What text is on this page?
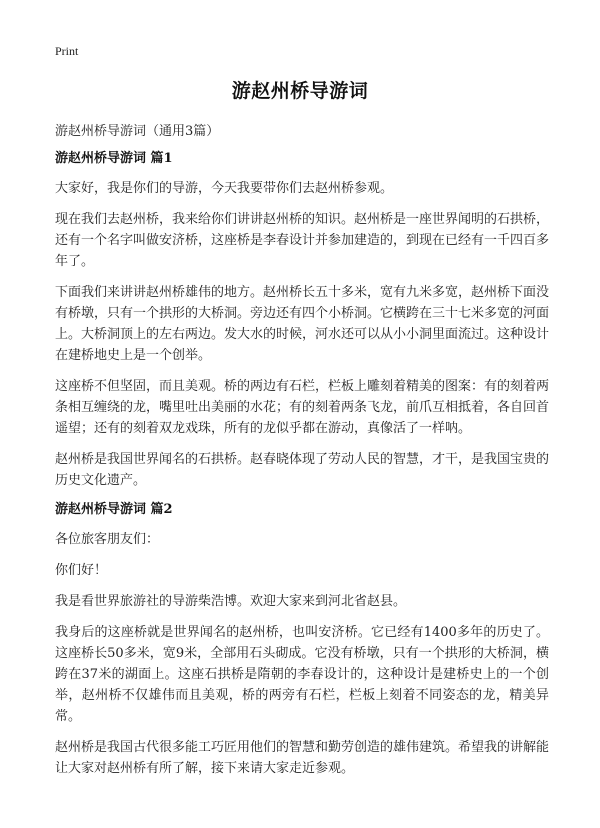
Print
游赵州桥导游词
游赵州桥导游词（通用3篇）
游赵州桥导游词 篇1

大家好，我是你们的导游，今天我要带你们去赵州桥参观。

现在我们去赵州桥，我来给你们讲讲赵州桥的知识。赵州桥是一座世界闻明的石拱桥，还有一个名字叫做安济桥，这座桥是李春设计并参加建造的，到现在已经有一千四百多年了。

下面我们来讲讲赵州桥雄伟的地方。赵州桥长五十多米，宽有九米多宽，赵州桥下面没有桥墩，只有一个拱形的大桥洞。旁边还有四个小桥洞。它横跨在三十七米多宽的河面上。大桥洞顶上的左右两边。发大水的时候，河水还可以从小小洞里面流过。这种设计在建桥地史上是一个创举。

这座桥不但坚固，而且美观。桥的两边有石栏，栏板上雕刻着精美的图案：有的刻着两条相互缠绕的龙，嘴里吐出美丽的水花；有的刻着两条飞龙，前爪互相抵着，各自回首遥望；还有的刻着双龙戏珠，所有的龙似乎都在游动，真像活了一样呐。

赵州桥是我国世界闻名的石拱桥。赵春晓体现了劳动人民的智慧，才干，是我国宝贵的历史文化遗产。

游赵州桥导游词 篇2

各位旅客朋友们：

你们好！

我是看世界旅游社的导游柴浩博。欢迎大家来到河北省赵县。

我身后的这座桥就是世界闻名的赵州桥，也叫安济桥。它已经有1400多年的历史了。这座桥长50多米，宽9米，全部用石头砌成。它没有桥墩，只有一个拱形的大桥洞，横跨在37米的湖面上。这座石拱桥是隋朝的李春设计的，这种设计是建桥史上的一个创举，赵州桥不仅雄伟而且美观，桥的两旁有石栏，栏板上刻着不同姿态的龙，精美异常。

赵州桥是我国古代很多能工巧匠用他们的智慧和勤劳创造的雄伟建筑。希望我的讲解能让大家对赵州桥有所了解，接下来请大家走近参观。
